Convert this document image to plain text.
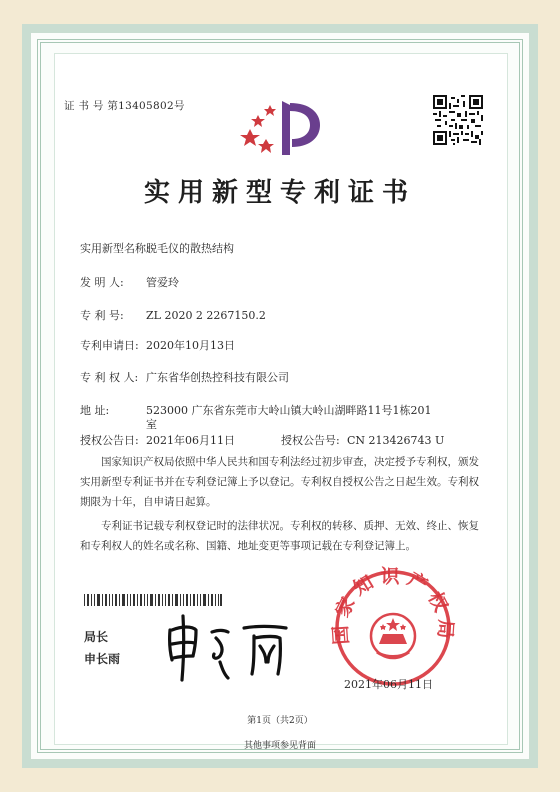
证 书 号 第13405802号
实用新型专利证书
实用新型名称:脱毛仪的散热结构
发 明 人: 管爱玲
专 利 号: ZL 2020 2 2267150.2
专利申请日: 2020年10月13日
专 利 权 人: 广东省华创热控科技有限公司
地 址:	523000 广东省东莞市大岭山镇大岭山湖畔路11号1栋201
室
授权公告日: 2021年06月11日	授权公告号: CN 213426743 U
国家知识产权局依照中华人民共和国专利法经过初步审查，决定授予专利权，颁发实用新型专利证书并在专利登记簿上予以登记。专利权自授权公告之日起生效。专利权期限为十年，自申请日起算。
专利证书记载专利权登记时的法律状况。专利权的转移、质押、无效、终止、恢复和专利权人的姓名或名称、国籍、地址变更等事项记载在专利登记簿上。
局长
申长雨
国家知识产权局
2021年06月11日
第1页（共2页）
其他事项参见背面
